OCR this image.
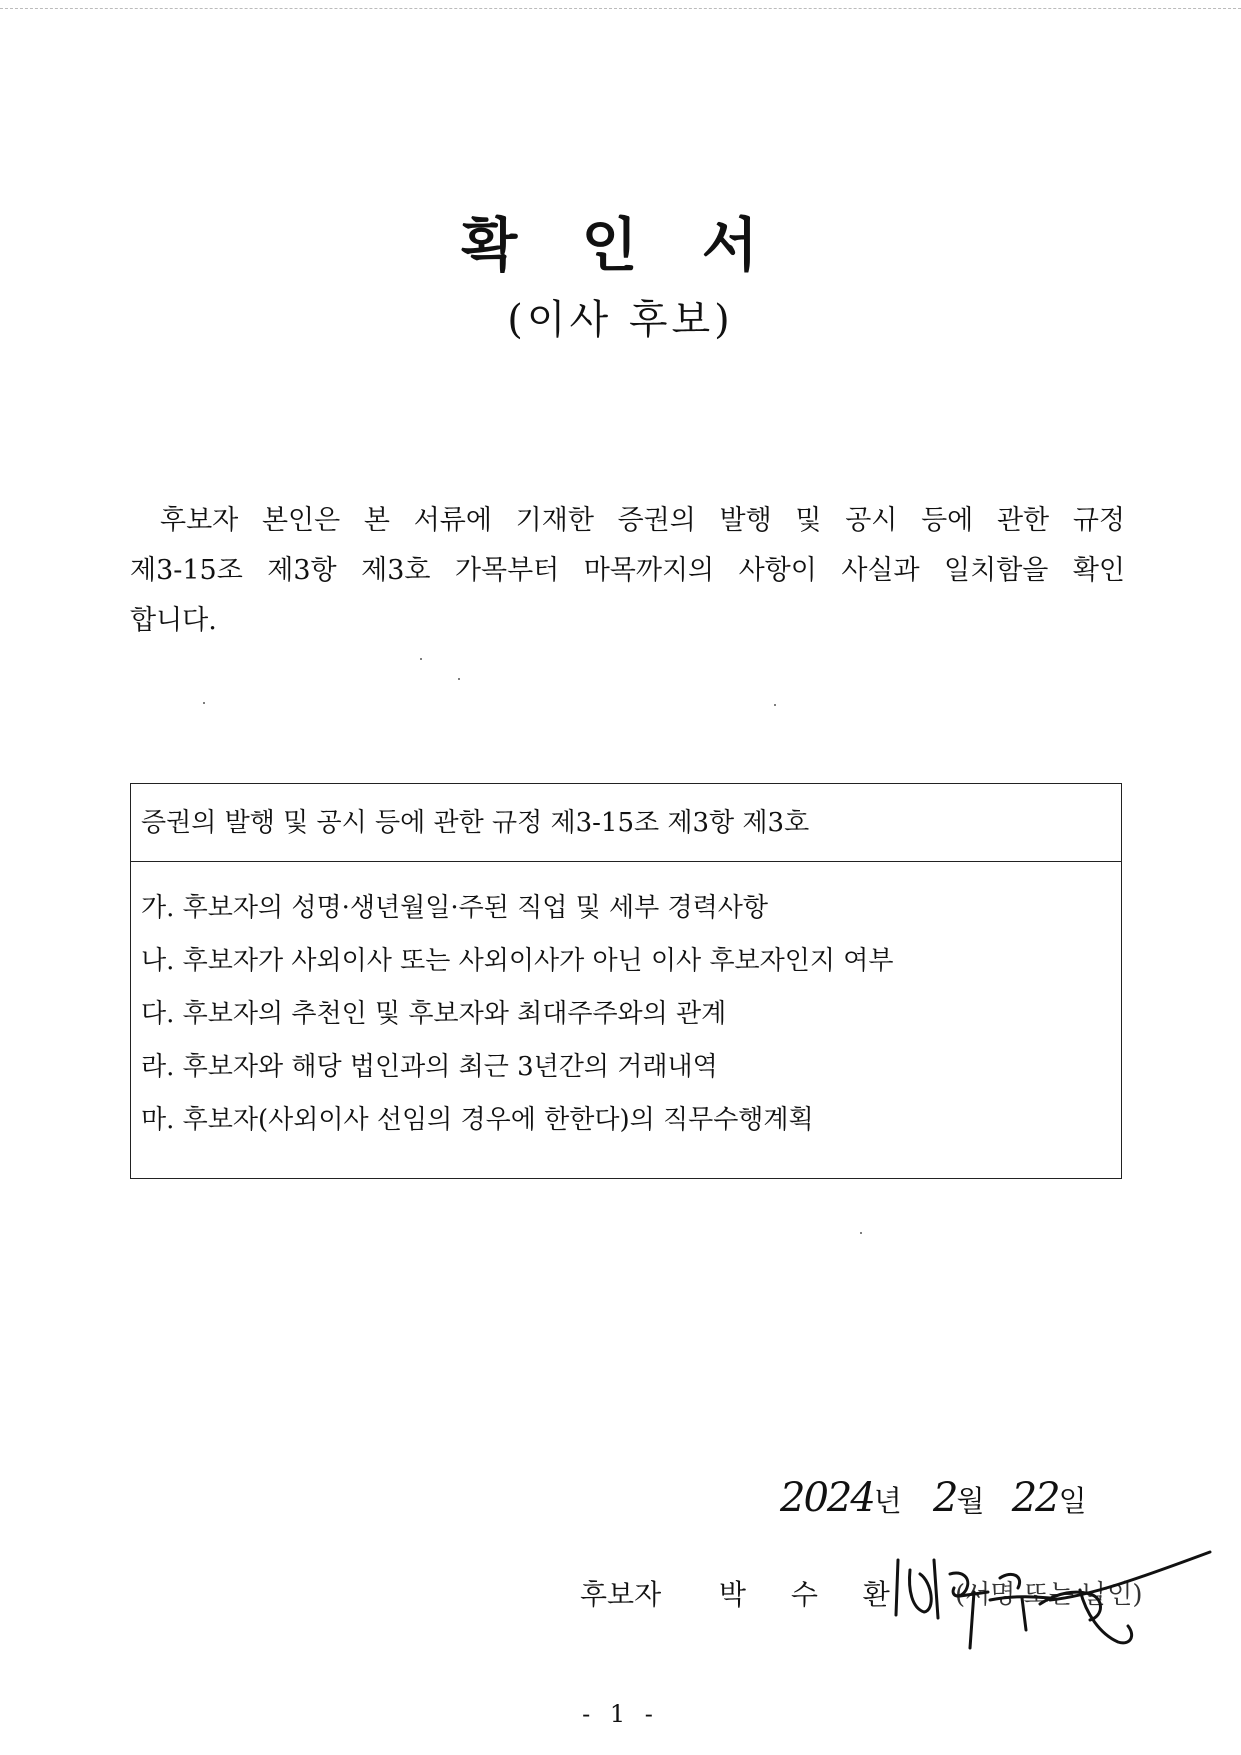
확 인 서
(이사 후보)
후보자 본인은 본 서류에 기재한 증권의 발행 및 공시 등에 관한 규정
제3-15조 제3항 제3호 가목부터 마목까지의 사항이 사실과 일치함을 확인
합니다.
증권의 발행 및 공시 등에 관한 규정 제3-15조 제3항 제3호
가. 후보자의 성명·생년월일·주된 직업 및 세부 경력사항
나. 후보자가 사외이사 또는 사외이사가 아닌 이사 후보자인지 여부
다. 후보자의 추천인 및 후보자와 최대주주와의 관계
라. 후보자와 해당 법인과의 최근 3년간의 거래내역
마. 후보자(사외이사 선임의 경우에 한한다)의 직무수행계획
2024년 2월 22일
후보자 박 수 환 (서명 또는 날인)
- 1 -
